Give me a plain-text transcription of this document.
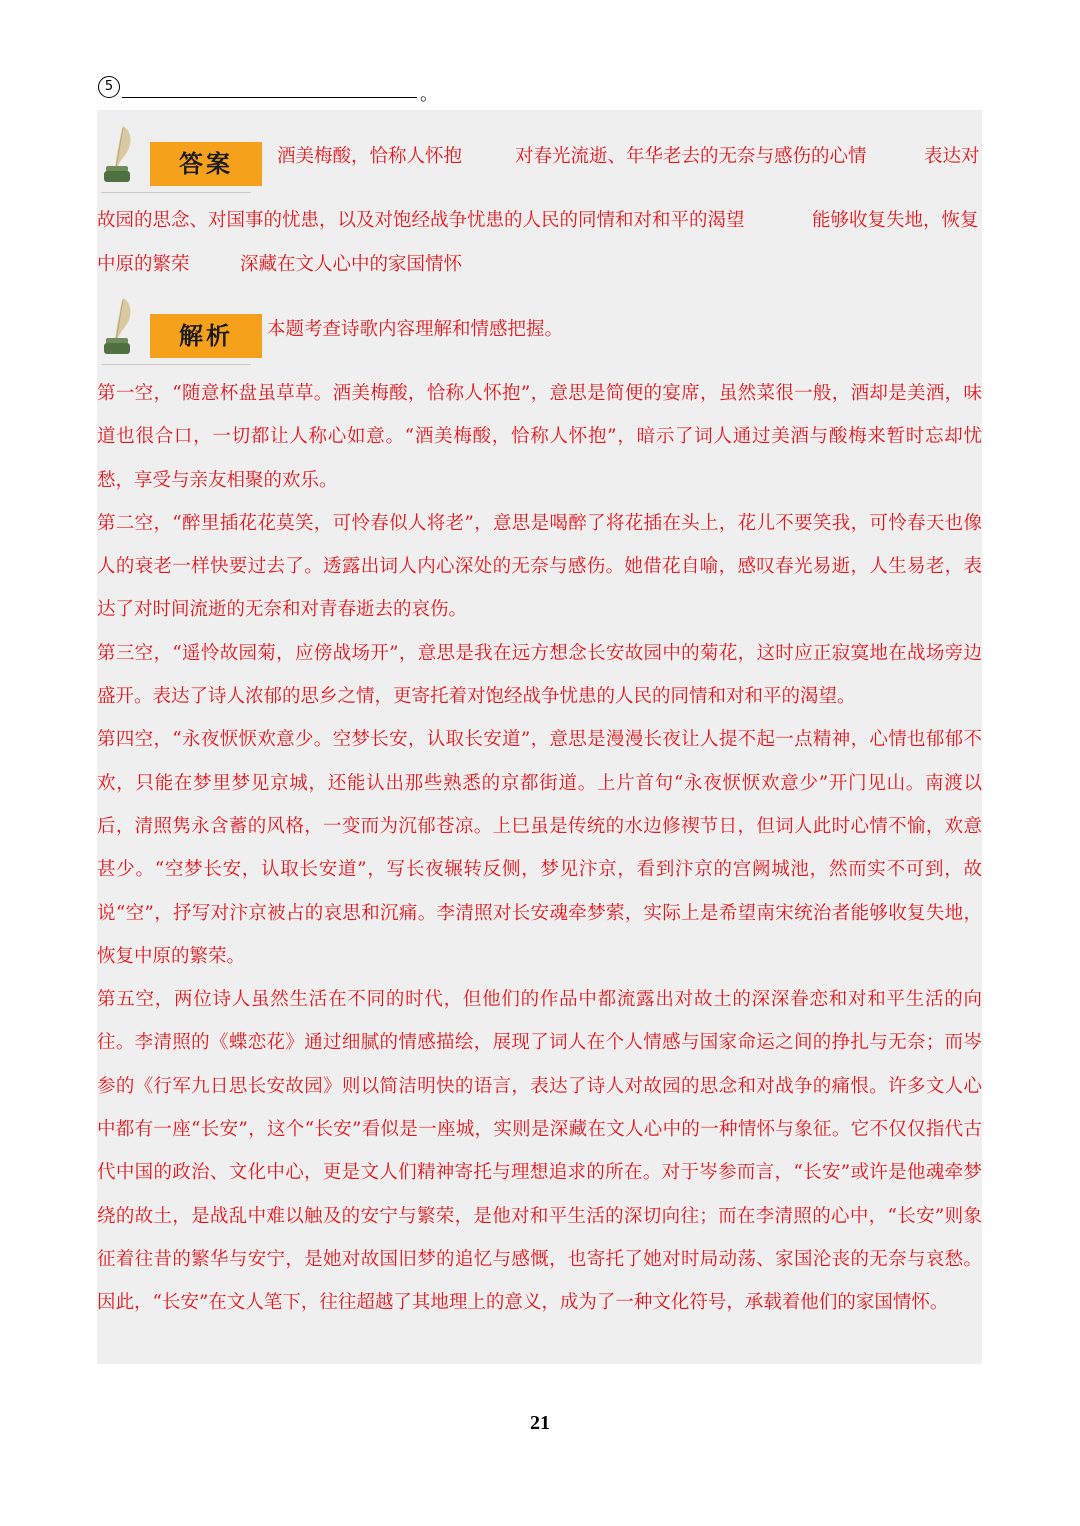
5	。
答案	酒美梅酸，恰称人怀抱	对春光流逝、年华老去的无奈与感伤的心情	表达对
故园的思念、对国事的忧患，以及对饱经战争忧患的人民的同情和对和平的渴望	能够收复失地，恢复
中原的繁荣	深藏在文人心中的家国情怀
解析	本题考查诗歌内容理解和情感把握。

第一空，“随意杯盘虽草草。酒美梅酸，恰称人怀抱”，意思是简便的宴席，虽然菜很一般，酒却是美酒，味道也很合口，一切都让人称心如意。“酒美梅酸，恰称人怀抱”，暗示了词人通过美酒与酸梅来暂时忘却忧愁，享受与亲友相聚的欢乐。

第二空，“醉里插花花莫笑，可怜春似人将老”，意思是喝醉了将花插在头上，花儿不要笑我，可怜春天也像人的衰老一样快要过去了。透露出词人内心深处的无奈与感伤。她借花自喻，感叹春光易逝，人生易老，表达了对时间流逝的无奈和对青春逝去的哀伤。

第三空，“遥怜故园菊，应傍战场开”，意思是我在远方想念长安故园中的菊花，这时应正寂寞地在战场旁边盛开。表达了诗人浓郁的思乡之情，更寄托着对饱经战争忧患的人民的同情和对和平的渴望。

第四空，“永夜恹恹欢意少。空梦长安，认取长安道”，意思是漫漫长夜让人提不起一点精神，心情也郁郁不欢，只能在梦里梦见京城，还能认出那些熟悉的京都街道。上片首句“永夜恹恹欢意少”开门见山。南渡以后，清照隽永含蓄的风格，一变而为沉郁苍凉。上巳虽是传统的水边修禊节日，但词人此时心情不愉，欢意甚少。“空梦长安，认取长安道”，写长夜辗转反侧，梦见汴京，看到汴京的宫阙城池，然而实不可到，故说“空”，抒写对汴京被占的哀思和沉痛。李清照对长安魂牵梦萦，实际上是希望南宋统治者能够收复失地，恢复中原的繁荣。

第五空，两位诗人虽然生活在不同的时代，但他们的作品中都流露出对故土的深深眷恋和对和平生活的向往。李清照的《蝶恋花》通过细腻的情感描绘，展现了词人在个人情感与国家命运之间的挣扎与无奈；而岑参的《行军九日思长安故园》则以简洁明快的语言，表达了诗人对故园的思念和对战争的痛恨。许多文人心中都有一座“长安”，这个“长安”看似是一座城，实则是深藏在文人心中的一种情怀与象征。它不仅仅指代古代中国的政治、文化中心，更是文人们精神寄托与理想追求的所在。对于岑参而言，“长安”或许是他魂牵梦绕的故土，是战乱中难以触及的安宁与繁荣，是他对和平生活的深切向往；而在李清照的心中，“长安”则象征着往昔的繁华与安宁，是她对故国旧梦的追忆与感慨，也寄托了她对时局动荡、家国沦丧的无奈与哀愁。因此，“长安”在文人笔下，往往超越了其地理上的意义，成为了一种文化符号，承载着他们的家国情怀。

21
